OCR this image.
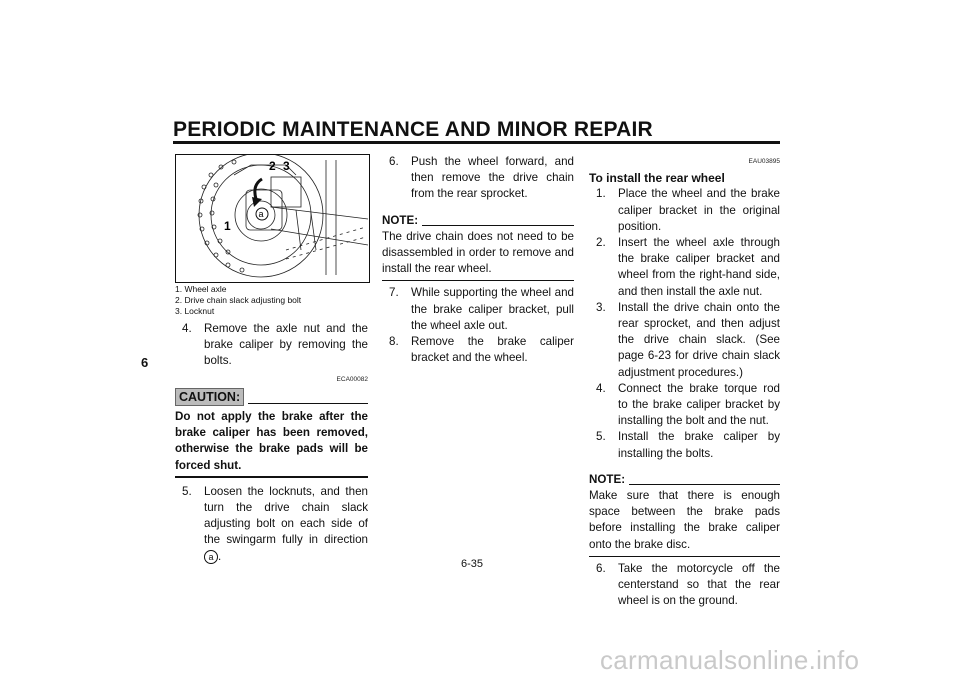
PERIODIC MAINTENANCE AND MINOR REPAIR
6
2 3
1
a
1. Wheel axle
2. Drive chain slack adjusting bolt
3. Locknut
4.	Remove the axle nut and the brake caliper by removing the bolts.
ECA00082
CAUTION:
Do not apply the brake after the brake caliper has been removed, otherwise the brake pads will be forced shut.
5.	Loosen the locknuts, and then turn the drive chain slack adjusting bolt on each side of the swingarm fully in direction a .
6.	Push the wheel forward, and then remove the drive chain from the rear sprocket.
NOTE:
The drive chain does not need to be disassembled in order to remove and install the rear wheel.
7.	While supporting the wheel and the brake caliper bracket, pull the wheel axle out.
8.	Remove the brake caliper bracket and the wheel.
EAU03895
To install the rear wheel
1.	Place the wheel and the brake caliper bracket in the original position.
2.	Insert the wheel axle through the brake caliper bracket and wheel from the right-hand side, and then install the axle nut.
3.	Install the drive chain onto the rear sprocket, and then adjust the drive chain slack. (See page 6-23 for drive chain slack adjustment procedures.)
4.	Connect the brake torque rod to the brake caliper bracket by installing the bolt and the nut.
5.	Install the brake caliper by installing the bolts.
NOTE:
Make sure that there is enough space between the brake pads before installing the brake caliper onto the brake disc.
6.	Take the motorcycle off the centerstand so that the rear wheel is on the ground.
6-35
carmanualsonline.info
